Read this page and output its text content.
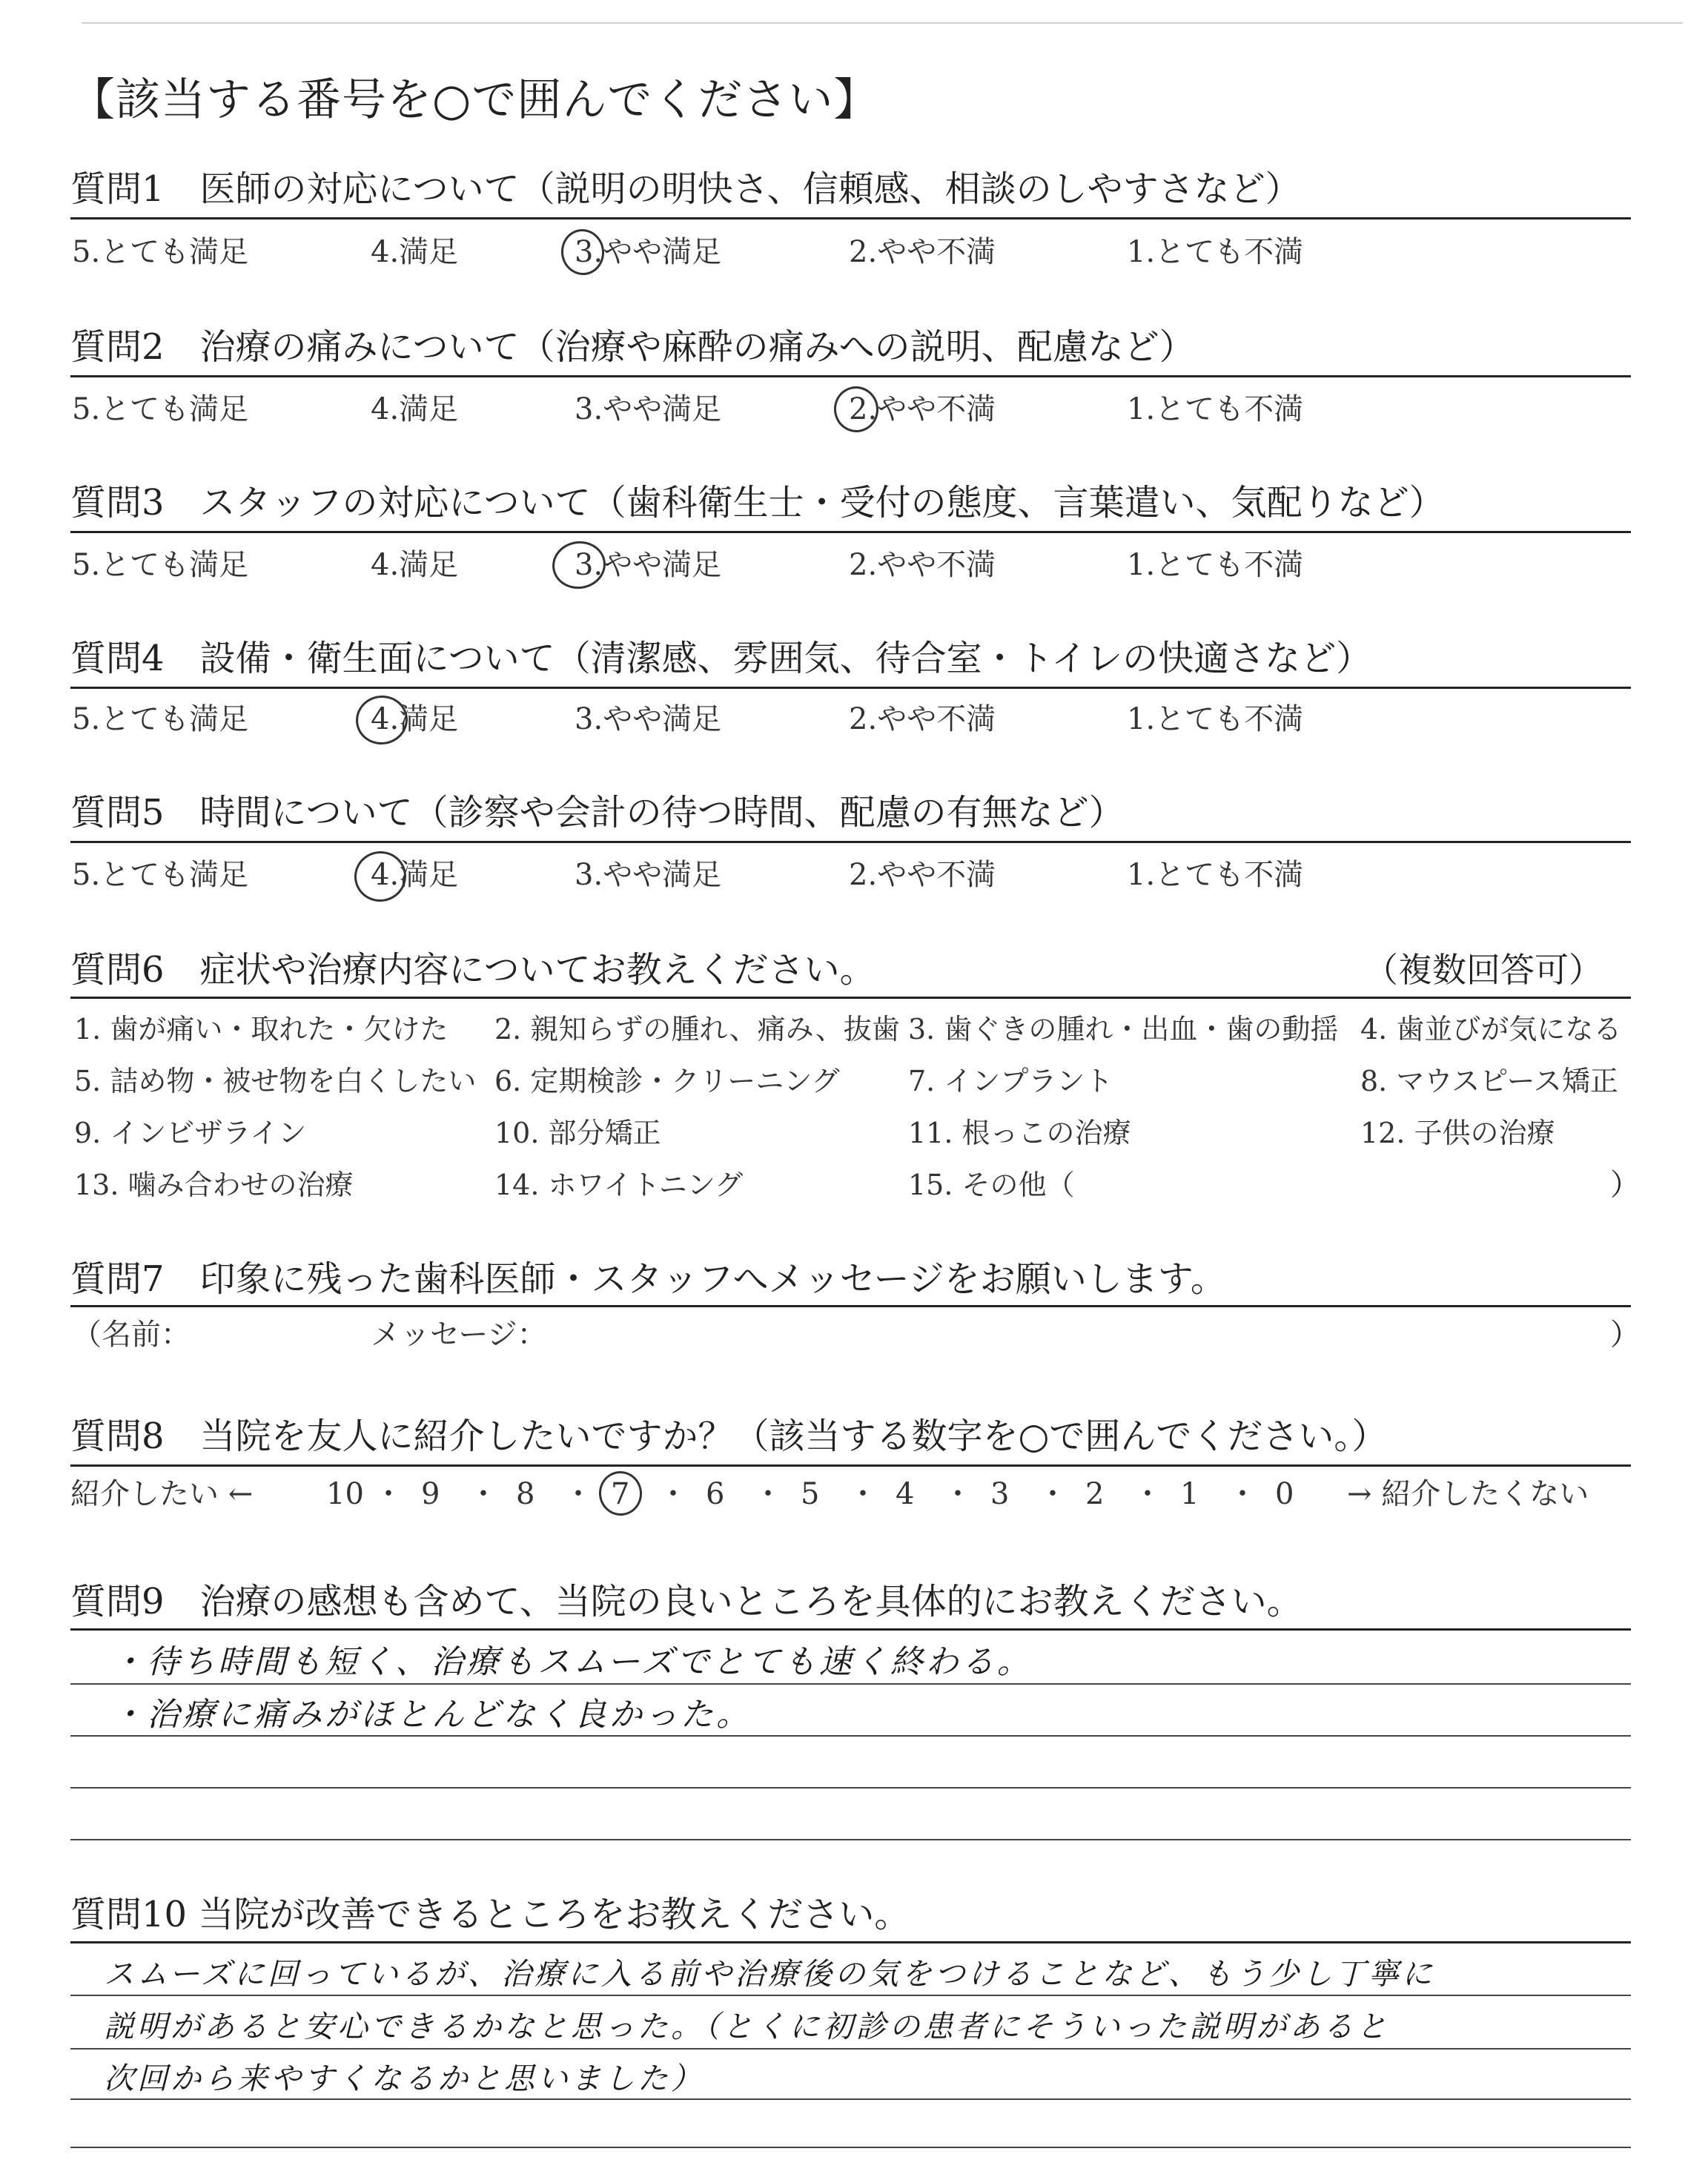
【該当する番号を○で囲んでください】
質問1　医師の対応について（説明の明快さ、信頼感、相談のしやすさなど）
5.とても満足	4.満足	3.やや満足	2.やや不満	1.とても不満
質問2　治療の痛みについて（治療や麻酔の痛みへの説明、配慮など）
5.とても満足	4.満足	3.やや満足	2.やや不満	1.とても不満
質問3　スタッフの対応について（歯科衛生士・受付の態度、言葉遣い、気配りなど）
5.とても満足	4.満足	3.やや満足	2.やや不満	1.とても不満
質問4　設備・衛生面について（清潔感、雰囲気、待合室・トイレの快適さなど）
5.とても満足	4.満足	3.やや満足	2.やや不満	1.とても不満
質問5　時間について（診察や会計の待つ時間、配慮の有無など）
5.とても満足	4.満足	3.やや満足	2.やや不満	1.とても不満
質問6　症状や治療内容についてお教えください。	（複数回答可）
1. 歯が痛い・取れた・欠けた 2. 親知らずの腫れ、痛み、抜歯 3. 歯ぐきの腫れ・出血・歯の動揺 4. 歯並びが気になる
5. 詰め物・被せ物を白くしたい 6. 定期検診・クリーニング 7. インプラント	8. マウスピース矯正
9. インビザライン	10. 部分矯正	11. 根っこの治療	12. 子供の治療
13. 噛み合わせの治療	14. ホワイトニング	15. その他（	）
質問7　印象に残った歯科医師・スタッフへメッセージをお願いします。
（名前：	メッセージ：	）
質問8　当院を友人に紹介したいですか？（該当する数字を○で囲んでください。）
紹介したい ←	→ 紹介したくない
10 ・ 9 ・ 8 ・ 7 ・ 6 ・ 5 ・ 4 ・ 3 ・ 2 ・ 1 ・ 0
質問9　治療の感想も含めて、当院の良いところを具体的にお教えください。
・待ち時間も短く、治療もスムーズでとても速く終わる。
・治療に痛みがほとんどなく良かった。
質問10 当院が改善できるところをお教えください。
スムーズに回っているが、治療に入る前や治療後の気をつけることなど、もう少し丁寧に
説明があると安心できるかなと思った。（とくに初診の患者にそういった説明があると
次回から来やすくなるかと思いました）
